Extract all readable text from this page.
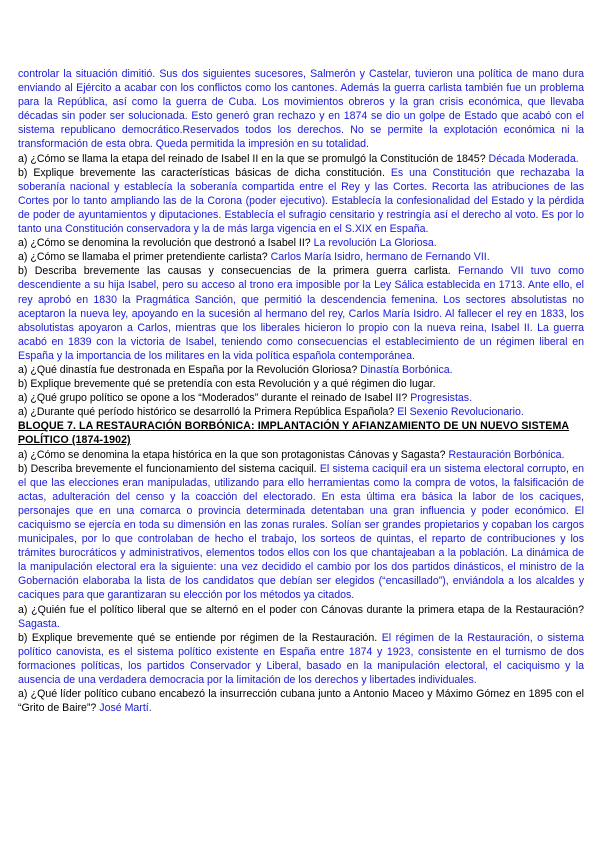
controlar la situación dimitió. Sus dos siguientes sucesores, Salmerón y Castelar, tuvieron una política de mano dura enviando al Ejército a acabar con los conflictos como los cantones. Además la guerra carlista también fue un problema para la República, así como la guerra de Cuba. Los movimientos obreros y la gran crisis económica, que llevaba décadas sin poder ser solucionada. Esto generó gran rechazo y en 1874 se dio un golpe de Estado que acabó con el sistema republicano democrático.Reservados todos los derechos. No se permite la explotación económica ni la transformación de esta obra. Queda permitida la impresión en su totalidad.

a) ¿Cómo se llama la etapa del reinado de Isabel II en la que se promulgó la Constitución de 1845? Década Moderada.

b) Explique brevemente las características básicas de dicha constitución. Es una Constitución que rechazaba la soberanía nacional y establecía la soberanía compartida entre el Rey y las Cortes. Recorta las atribuciones de las Cortes por lo tanto ampliando las de la Corona (poder ejecutivo). Establecía la confesionalidad del Estado y la pérdida de poder de ayuntamientos y diputaciones. Establecía el sufragio censitario y restringía así el derecho al voto. Es por lo tanto una Constitución conservadora y la de más larga vigencia en el S.XIX en España.

a) ¿Cómo se denomina la revolución que destronó a Isabel II? La revolución La Gloriosa.

a) ¿Cómo se llamaba el primer pretendiente carlista? Carlos María Isidro, hermano de Fernando VII.

b) Describa brevemente las causas y consecuencias de la primera guerra carlista. Fernando VII tuvo como descendiente a su hija Isabel, pero su acceso al trono era imposible por la Ley Sálica establecida en 1713. Ante ello, el rey aprobó en 1830 la Pragmática Sanción, que permitió la descendencia femenina. Los sectores absolutistas no aceptaron la nueva ley, apoyando en la sucesión al hermano del rey, Carlos María Isidro. Al fallecer el rey en 1833, los absolutistas apoyaron a Carlos, mientras que los liberales hicieron lo propio con la nueva reina, Isabel II. La guerra acabó en 1839 con la victoria de Isabel, teniendo como consecuencias el establecimiento de un régimen liberal en España y la importancia de los militares en la vida política española contemporánea.

a) ¿Qué dinastía fue destronada en España por la Revolución Gloriosa? Dinastía Borbónica.

b) Explique brevemente qué se pretendía con esta Revolución y a qué régimen dio lugar.

a) ¿Qué grupo político se opone a los “Moderados” durante el reinado de Isabel II? Progresistas.

a) ¿Durante qué período histórico se desarrolló la Primera República Española? El Sexenio Revolucionario.

BLOQUE 7. LA RESTAURACIÓN BORBÓNICA: IMPLANTACIÓN Y AFIANZAMIENTO DE UN NUEVO SISTEMA POLÍTICO (1874-1902)

a) ¿Cómo se denomina la etapa histórica en la que son protagonistas Cánovas y Sagasta? Restauración Borbónica.

b) Describa brevemente el funcionamiento del sistema caciquil. El sistema caciquil era un sistema electoral corrupto, en el que las elecciones eran manipuladas, utilizando para ello herramientas como la compra de votos, la falsificación de actas, adulteración del censo y la coacción del electorado. En esta última era básica la labor de los caciques, personajes que en una comarca o provincia determinada detentaban una gran influencia y poder económico. El caciquismo se ejercía en toda su dimensión en las zonas rurales. Solían ser grandes propietarios y copaban los cargos municipales, por lo que controlaban de hecho el trabajo, los sorteos de quintas, el reparto de contribuciones y los trámites burocráticos y administrativos, elementos todos ellos con los que chantajeaban a la población. La dinámica de la manipulación electoral era la siguiente: una vez decidido el cambio por los dos partidos dinásticos, el ministro de la Gobernación elaboraba la lista de los candidatos que debían ser elegidos (“encasillado”), enviándola a los alcaldes y caciques para que garantizaran su elección por los métodos ya citados.

a) ¿Quién fue el político liberal que se alternó en el poder con Cánovas durante la primera etapa de la Restauración? Sagasta.

b) Explique brevemente qué se entiende por régimen de la Restauración. El régimen de la Restauración, o sistema político canovista, es el sistema político existente en España entre 1874 y 1923, consistente en el turnismo de dos formaciones políticas, los partidos Conservador y Liberal, basado en la manipulación electoral, el caciquismo y la ausencia de una verdadera democracia por la limitación de los derechos y libertades individuales.

a) ¿Qué líder político cubano encabezó la insurrección cubana junto a Antonio Maceo y Máximo Gómez en 1895 con el “Grito de Baire”? José Martí.
